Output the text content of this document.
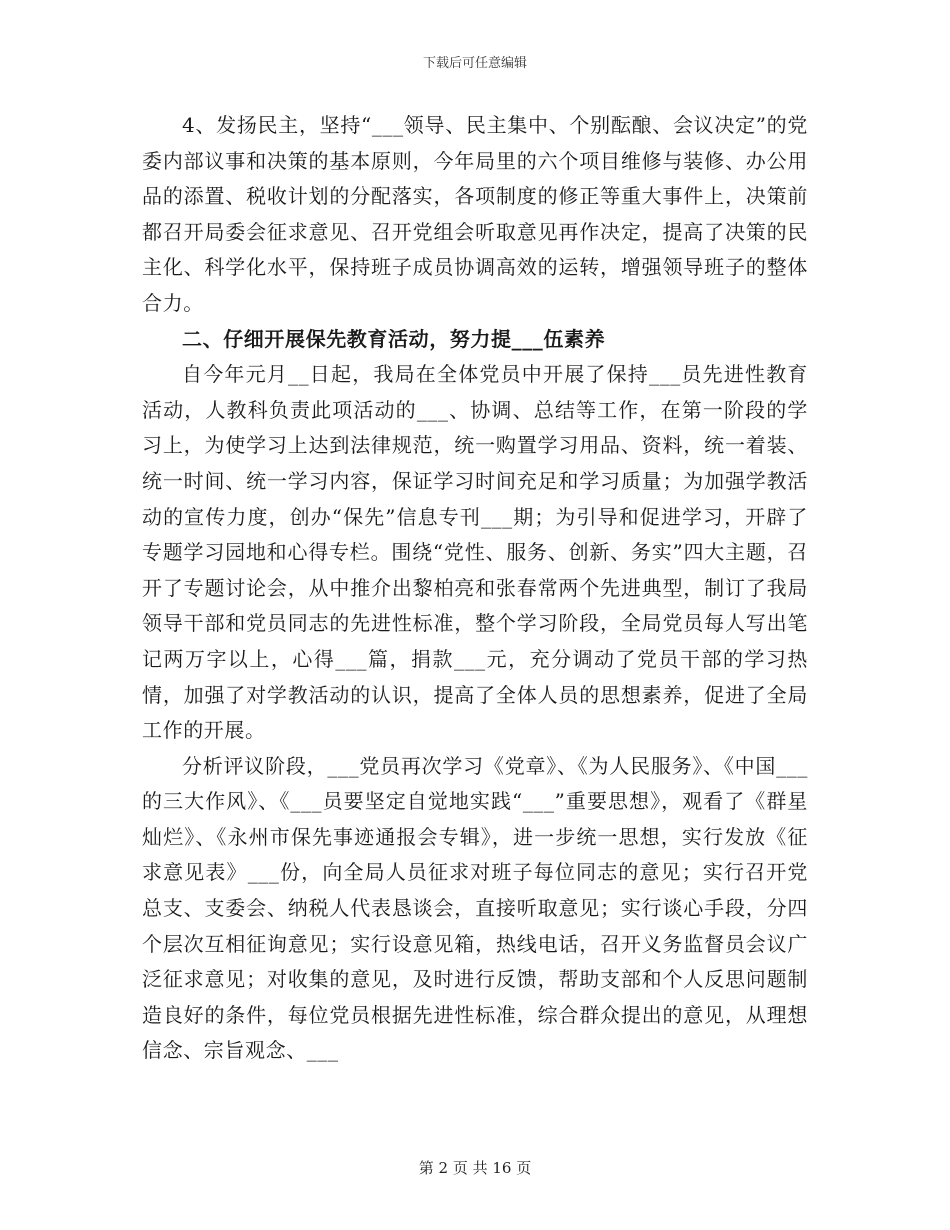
下载后可任意编辑

4、发扬民主，坚持“___领导、民主集中、个别酝酿、会议决定”的党委内部议事和决策的基本原则，今年局里的六个项目维修与装修、办公用品的添置、税收计划的分配落实，各项制度的修正等重大事件上，决策前都召开局委会征求意见、召开党组会听取意见再作决定，提高了决策的民主化、科学化水平，保持班子成员协调高效的运转，增强领导班子的整体合力。

二、仔细开展保先教育活动，努力提___伍素养

自今年元月__日起，我局在全体党员中开展了保持___员先进性教育活动，人教科负责此项活动的___、协调、总结等工作，在第一阶段的学习上，为使学习上达到法律规范，统一购置学习用品、资料，统一着装、统一时间、统一学习内容，保证学习时间充足和学习质量；为加强学教活动的宣传力度，创办“保先”信息专刊___期；为引导和促进学习，开辟了专题学习园地和心得专栏。围绕“党性、服务、创新、务实”四大主题，召开了专题讨论会，从中推介出黎柏亮和张春常两个先进典型，制订了我局领导干部和党员同志的先进性标准，整个学习阶段，全局党员每人写出笔记两万字以上，心得___篇，捐款___元，充分调动了党员干部的学习热情，加强了对学教活动的认识，提高了全体人员的思想素养，促进了全局工作的开展。

分析评议阶段，___党员再次学习《党章》、《为人民服务》、《中国___的三大作风》、《___员要坚定自觉地实践“___”重要思想》，观看了《群星灿烂》、《永州市保先事迹通报会专辑》，进一步统一思想，实行发放《征求意见表》___份，向全局人员征求对班子每位同志的意见；实行召开党总支、支委会、纳税人代表恳谈会，直接听取意见；实行谈心手段，分四个层次互相征询意见；实行设意见箱，热线电话，召开义务监督员会议广泛征求意见；对收集的意见，及时进行反馈，帮助支部和个人反思问题制造良好的条件，每位党员根据先进性标准，综合群众提出的意见，从理想信念、宗旨观念、___

第 2 页 共 16 页
